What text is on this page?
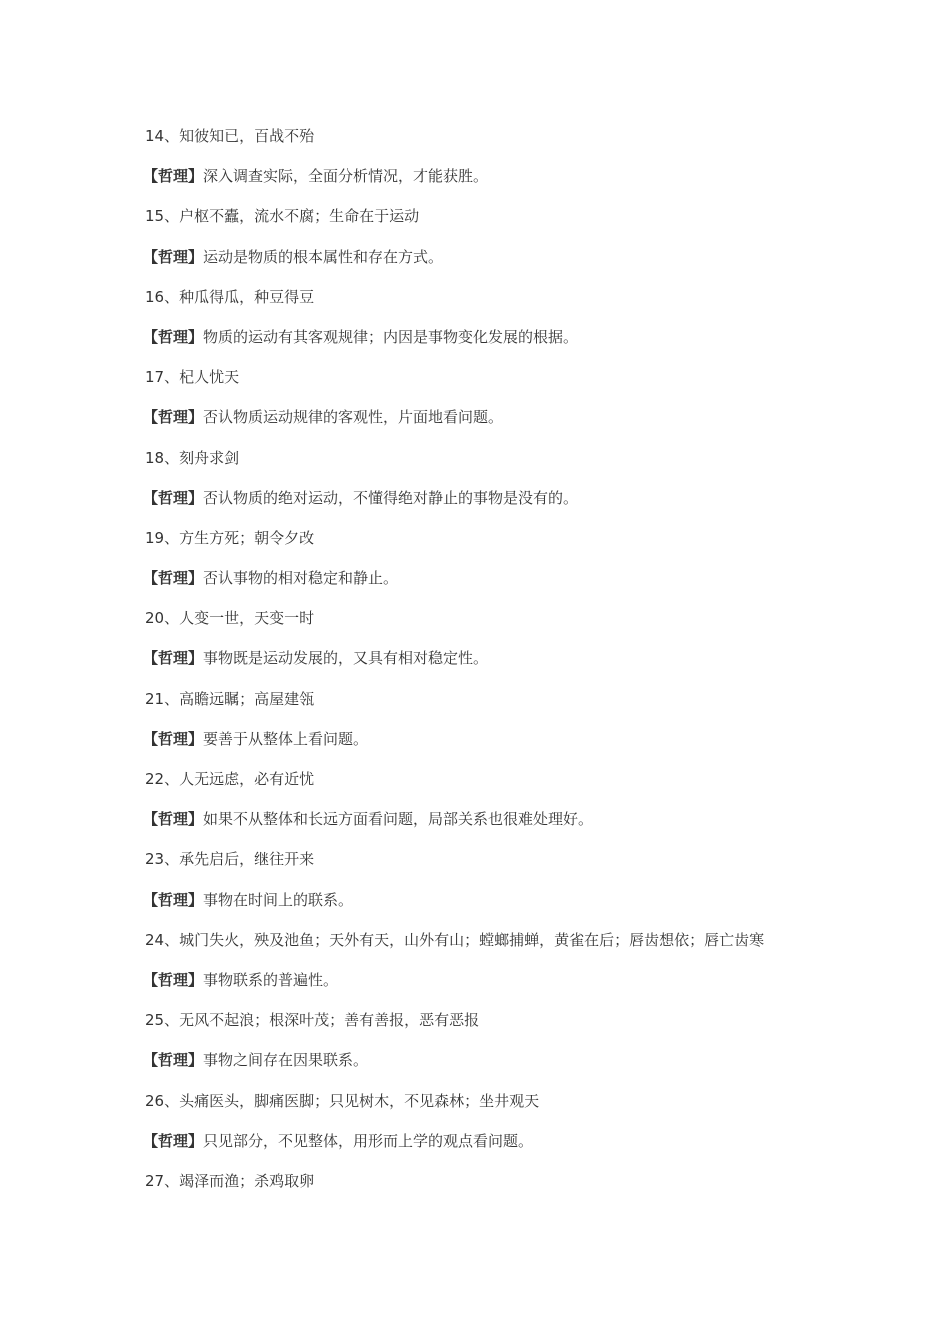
14、知彼知已，百战不殆
【哲理】深入调查实际，全面分析情况，才能获胜。
15、户枢不蠹，流水不腐；生命在于运动
【哲理】运动是物质的根本属性和存在方式。
16、种瓜得瓜，种豆得豆
【哲理】物质的运动有其客观规律；内因是事物变化发展的根据。
17、杞人忧天
【哲理】否认物质运动规律的客观性，片面地看问题。
18、刻舟求剑
【哲理】否认物质的绝对运动，不懂得绝对静止的事物是没有的。
19、方生方死；朝令夕改
【哲理】否认事物的相对稳定和静止。
20、人变一世，天变一时
【哲理】事物既是运动发展的，又具有相对稳定性。
21、高瞻远瞩；高屋建瓴
【哲理】要善于从整体上看问题。
22、人无远虑，必有近忧
【哲理】如果不从整体和长远方面看问题，局部关系也很难处理好。
23、承先启后，继往开来
【哲理】事物在时间上的联系。
24、城门失火，殃及池鱼；天外有天，山外有山；螳螂捕蝉，黄雀在后；唇齿想依；唇亡齿寒
【哲理】事物联系的普遍性。
25、无风不起浪；根深叶茂；善有善报，恶有恶报
【哲理】事物之间存在因果联系。
26、头痛医头，脚痛医脚；只见树木，不见森林；坐井观天
【哲理】只见部分，不见整体，用形而上学的观点看问题。
27、竭泽而渔；杀鸡取卵
